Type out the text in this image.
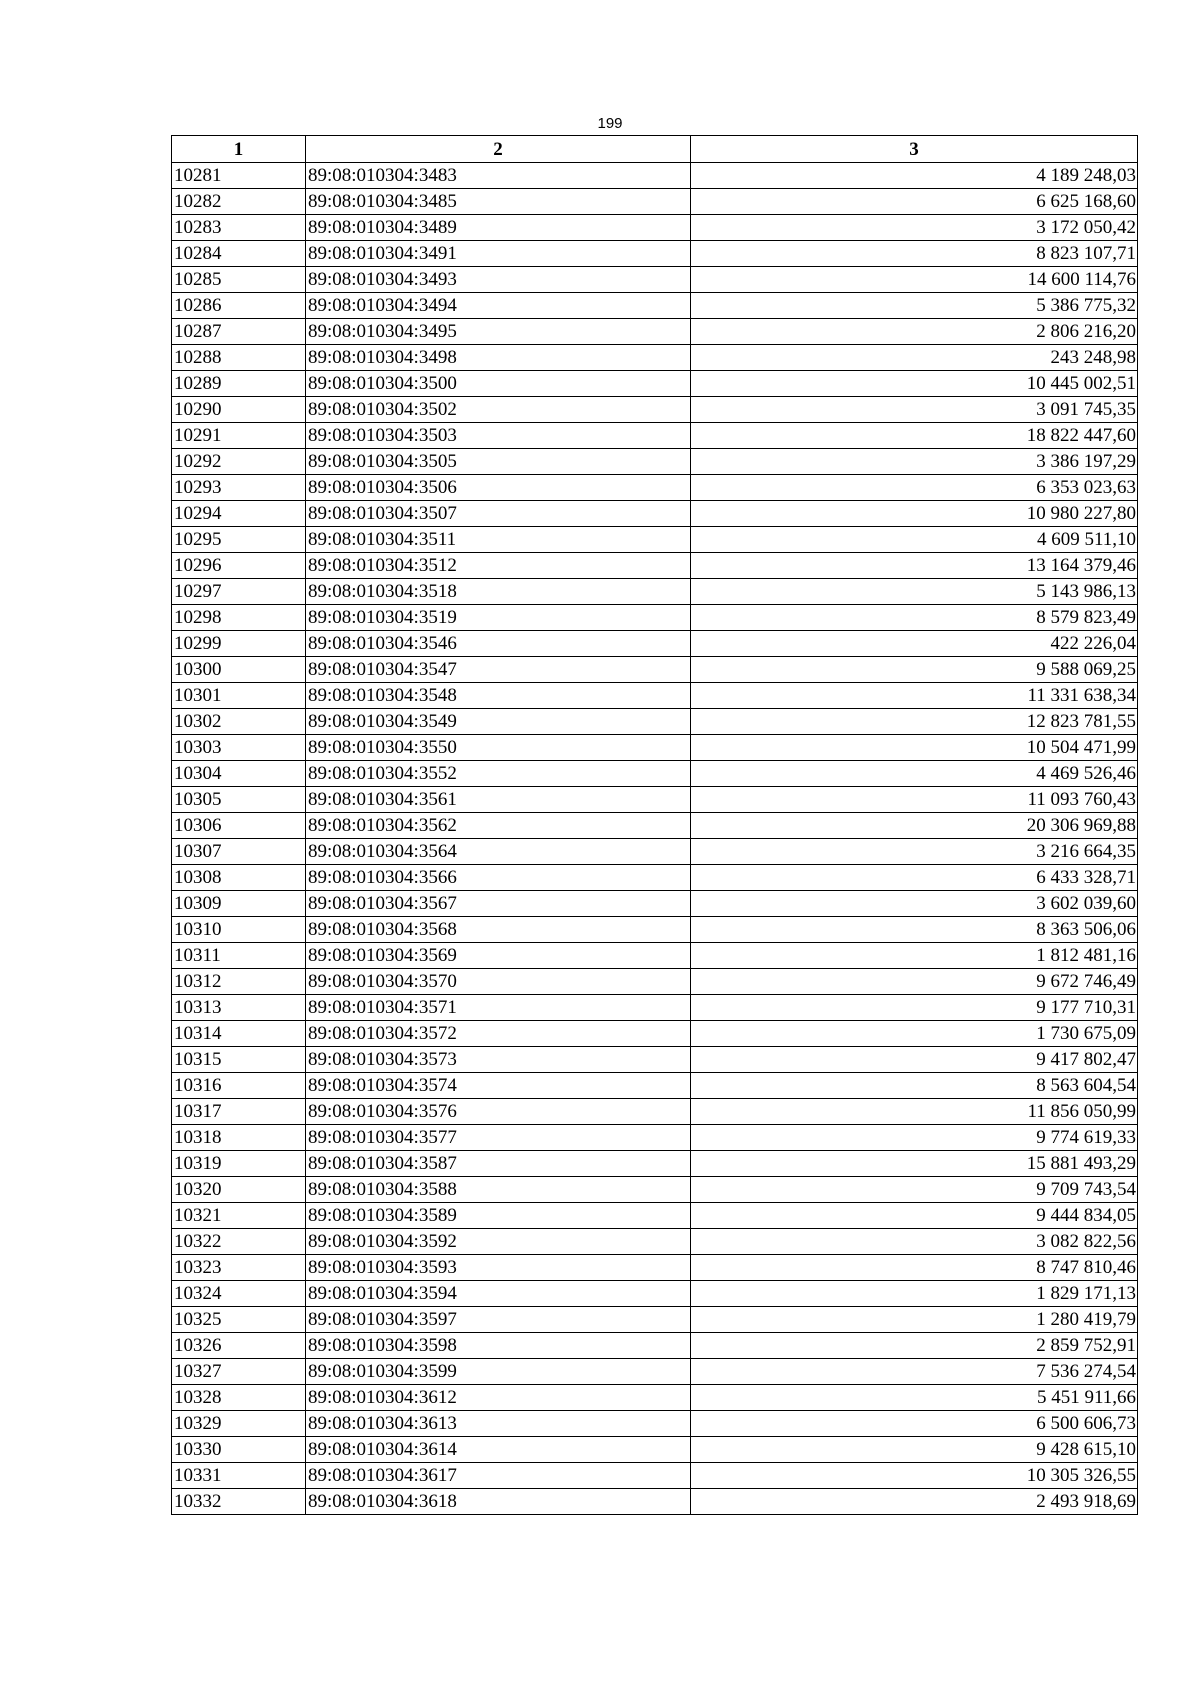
199
1	2	3
10281	89:08:010304:3483	4 189 248,03
10282	89:08:010304:3485	6 625 168,60
10283	89:08:010304:3489	3 172 050,42
10284	89:08:010304:3491	8 823 107,71
10285	89:08:010304:3493	14 600 114,76
10286	89:08:010304:3494	5 386 775,32
10287	89:08:010304:3495	2 806 216,20
10288	89:08:010304:3498	243 248,98
10289	89:08:010304:3500	10 445 002,51
10290	89:08:010304:3502	3 091 745,35
10291	89:08:010304:3503	18 822 447,60
10292	89:08:010304:3505	3 386 197,29
10293	89:08:010304:3506	6 353 023,63
10294	89:08:010304:3507	10 980 227,80
10295	89:08:010304:3511	4 609 511,10
10296	89:08:010304:3512	13 164 379,46
10297	89:08:010304:3518	5 143 986,13
10298	89:08:010304:3519	8 579 823,49
10299	89:08:010304:3546	422 226,04
10300	89:08:010304:3547	9 588 069,25
10301	89:08:010304:3548	11 331 638,34
10302	89:08:010304:3549	12 823 781,55
10303	89:08:010304:3550	10 504 471,99
10304	89:08:010304:3552	4 469 526,46
10305	89:08:010304:3561	11 093 760,43
10306	89:08:010304:3562	20 306 969,88
10307	89:08:010304:3564	3 216 664,35
10308	89:08:010304:3566	6 433 328,71
10309	89:08:010304:3567	3 602 039,60
10310	89:08:010304:3568	8 363 506,06
10311	89:08:010304:3569	1 812 481,16
10312	89:08:010304:3570	9 672 746,49
10313	89:08:010304:3571	9 177 710,31
10314	89:08:010304:3572	1 730 675,09
10315	89:08:010304:3573	9 417 802,47
10316	89:08:010304:3574	8 563 604,54
10317	89:08:010304:3576	11 856 050,99
10318	89:08:010304:3577	9 774 619,33
10319	89:08:010304:3587	15 881 493,29
10320	89:08:010304:3588	9 709 743,54
10321	89:08:010304:3589	9 444 834,05
10322	89:08:010304:3592	3 082 822,56
10323	89:08:010304:3593	8 747 810,46
10324	89:08:010304:3594	1 829 171,13
10325	89:08:010304:3597	1 280 419,79
10326	89:08:010304:3598	2 859 752,91
10327	89:08:010304:3599	7 536 274,54
10328	89:08:010304:3612	5 451 911,66
10329	89:08:010304:3613	6 500 606,73
10330	89:08:010304:3614	9 428 615,10
10331	89:08:010304:3617	10 305 326,55
10332	89:08:010304:3618	2 493 918,69
